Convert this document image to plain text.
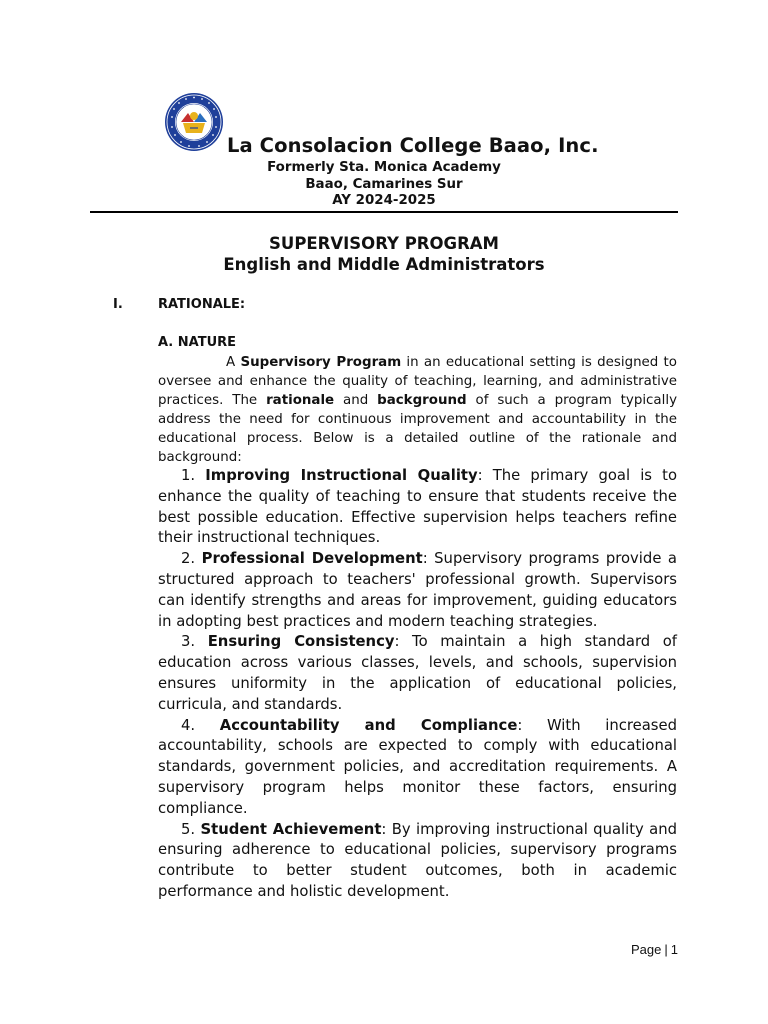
La Consolacion College Baao, Inc.
Formerly Sta. Monica Academy
Baao, Camarines Sur
AY 2024-2025
SUPERVISORY PROGRAM
English and Middle Administrators
I.	RATIONALE:
A. NATURE
A Supervisory Program in an educational setting is designed to oversee and enhance the quality of teaching, learning, and administrative practices. The rationale and background of such a program typically address the need for continuous improvement and accountability in the educational process. Below is a detailed outline of the rationale and background:
1. Improving Instructional Quality: The primary goal is to enhance the quality of teaching to ensure that students receive the best possible education. Effective supervision helps teachers refine their instructional techniques.
2. Professional Development: Supervisory programs provide a structured approach to teachers' professional growth. Supervisors can identify strengths and areas for improvement, guiding educators in adopting best practices and modern teaching strategies.
3. Ensuring Consistency: To maintain a high standard of education across various classes, levels, and schools, supervision ensures uniformity in the application of educational policies, curricula, and standards.
4. Accountability and Compliance: With increased accountability, schools are expected to comply with educational standards, government policies, and accreditation requirements. A supervisory program helps monitor these factors, ensuring compliance.
5. Student Achievement: By improving instructional quality and ensuring adherence to educational policies, supervisory programs contribute to better student outcomes, both in academic performance and holistic development.
Page | 1
